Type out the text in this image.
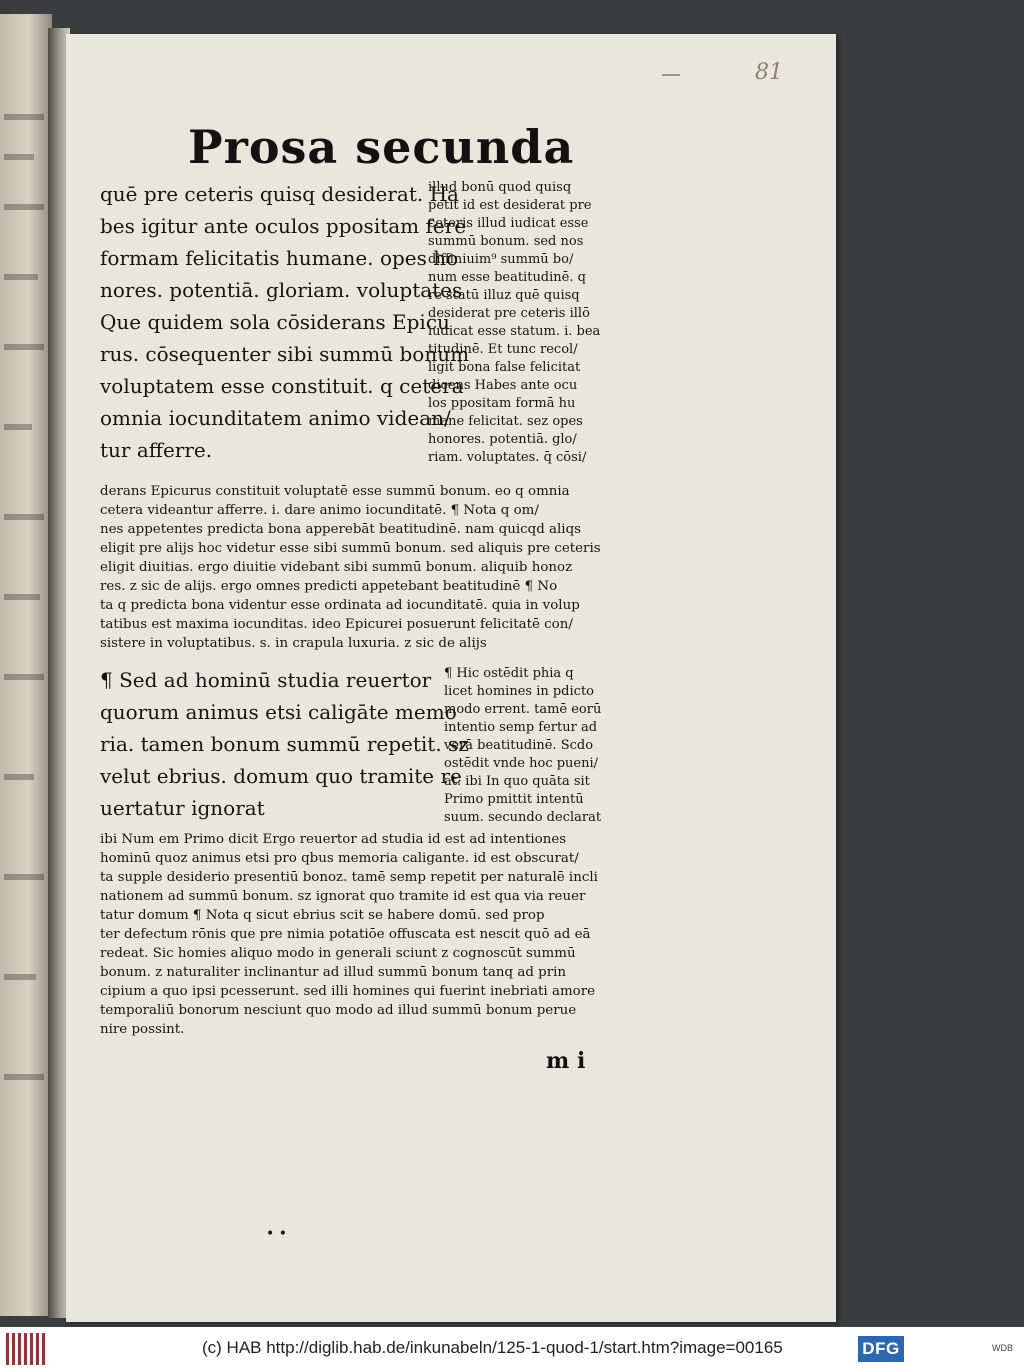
81
Prosa secunda
quē pre ceteris quisq desiderat. Ha
bes igitur ante oculos ppositam fere
formam felicitatis humane. opes ho
nores. potentiā. gloriam. voluptates
Que quidem sola cōsiderans Epicu
rus. cōsequenter sibi summū bonum
voluptatem esse constituit. q cetera
omnia iocunditatem animo videan/
tur afferre.
illud bonū quod quisq
petit id est desiderat pre
ceteris illud iudicat esse
summū bonum. sed nos
diffiniuim⁹ summū bo/
num esse beatitudinē. q
re statū illuz quē quisq
desiderat pre ceteris illō
iudicat esse statum. i. bea
titudinē. Et tunc recol/
ligit bona false felicitat
dicens Habes ante ocu
los ppositam formā hu
mane felicitat. sez opes
honores. potentiā. glo/
riam. voluptates. q̄ cōsi/
derans Epicurus constituit voluptatē esse summū bonum. eo q omnia
cetera videantur afferre. i. dare animo iocunditatē. ¶ Nota q om/
nes appetentes predicta bona apperebāt beatitudinē. nam quicqd aliqs
eligit pre alijs hoc videtur esse sibi summū bonum. sed aliquis pre ceteris
eligit diuitias. ergo diuitie videbant sibi summū bonum. aliquib honoz
res. z sic de alijs. ergo omnes predicti appetebant beatitudinē ¶ No
ta q predicta bona videntur esse ordinata ad iocunditatē. quia in volup
tatibus est maxima iocunditas. ideo Epicurei posuerunt felicitatē con/
sistere in voluptatibus. s. in crapula luxuria. z sic de alijs
¶ Sed ad hominū studia reuertor
quorum animus etsi caligāte memo
ria. tamen bonum summū repetit. sz
velut ebrius. domum quo tramite re
uertatur ignorat
¶ Hic ostēdit phia q
licet homines in pdicto
modo errent. tamē eorū
intentio semp fertur ad
verā beatitudinē. Scdo
ostēdit vnde hoc pueni/
at. ibi In quo quāta sit
Primo pmittit intentū
suum. secundo declarat
ibi Num em Primo dicit Ergo reuertor ad studia id est ad intentiones
hominū quoz animus etsi pro qbus memoria caligante. id est obscurat/
ta supple desiderio presentiū bonoz. tamē semp repetit per naturalē incli
nationem ad summū bonum. sz ignorat quo tramite id est qua via reuer
tatur domum ¶ Nota q sicut ebrius scit se habere domū. sed prop
ter defectum rōnis que pre nimia potatiōe offuscata est nescit quō ad eā
redeat. Sic homies aliquo modo in generali sciunt z cognoscūt summū
bonum. z naturaliter inclinantur ad illud summū bonum tanq ad prin
cipium a quo ipsi pcesserunt. sed illi homines qui fuerint inebriati amore
temporaliū bonorum nesciunt quo modo ad illud summū bonum perue
nire possint.
m i
• •
(c) HAB http://diglib.hab.de/inkunabeln/125-1-quod-1/start.htm?image=00165	DFG	WDB
